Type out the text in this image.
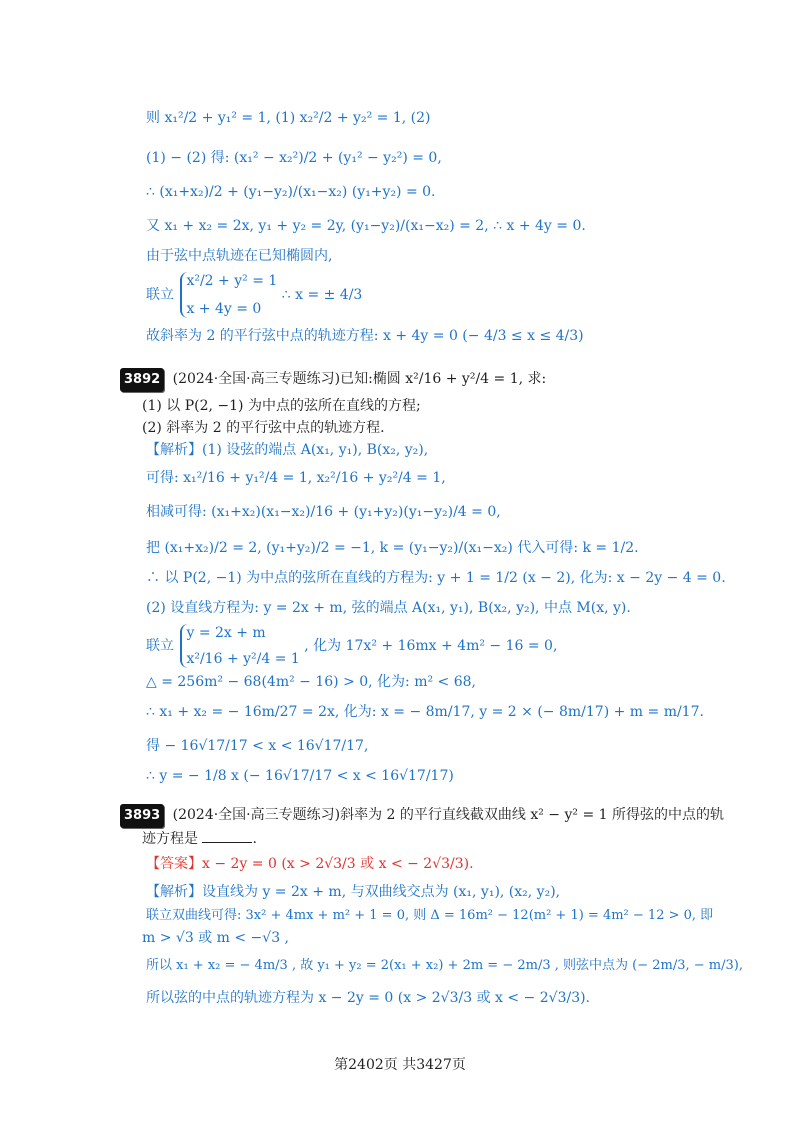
则 x₁²/2 + y₁² = 1, (1) x₂²/2 + y₂² = 1, (2)
(1) − (2) 得: (x₁² − x₂²)/2 + (y₁² − y₂²) = 0,
∴ (x₁+x₂)/2 + (y₁−y₂)/(x₁−x₂) (y₁+y₂) = 0.
又 x₁ + x₂ = 2x, y₁ + y₂ = 2y, (y₁−y₂)/(x₁−x₂) = 2, ∴ x + 4y = 0.
由于弦中点轨迹在已知椭圆内,
联立
x²/2 + y² = 1
x + 4y = 0
∴ x = ± 4/3
故斜率为 2 的平行弦中点的轨迹方程: x + 4y = 0 (− 4/3 ≤ x ≤ 4/3)
3892 (2024·全国·高三专题练习)已知:椭圆 x²/16 + y²/4 = 1, 求:
(1) 以 P(2, −1) 为中点的弦所在直线的方程;
(2) 斜率为 2 的平行弦中点的轨迹方程.
【解析】(1) 设弦的端点 A(x₁, y₁), B(x₂, y₂),
可得: x₁²/16 + y₁²/4 = 1, x₂²/16 + y₂²/4 = 1,
相减可得: (x₁+x₂)(x₁−x₂)/16 + (y₁+y₂)(y₁−y₂)/4 = 0,
把 (x₁+x₂)/2 = 2, (y₁+y₂)/2 = −1, k = (y₁−y₂)/(x₁−x₂) 代入可得: k = 1/2.
∴ 以 P(2, −1) 为中点的弦所在直线的方程为: y + 1 = 1/2 (x − 2), 化为: x − 2y − 4 = 0.
(2) 设直线方程为: y = 2x + m, 弦的端点 A(x₁, y₁), B(x₂, y₂), 中点 M(x, y).
联立
y = 2x + m
x²/16 + y²/4 = 1
, 化为 17x² + 16mx + 4m² − 16 = 0,
△ = 256m² − 68(4m² − 16) > 0, 化为: m² < 68,
∴ x₁ + x₂ = − 16m/27 = 2x, 化为: x = − 8m/17, y = 2 × (− 8m/17) + m = m/17.
得 − 16√17/17 < x < 16√17/17,
∴ y = − 1/8 x (− 16√17/17 < x < 16√17/17)
3893 (2024·全国·高三专题练习)斜率为 2 的平行直线截双曲线 x² − y² = 1 所得弦的中点的轨
迹方程是	.
【答案】x − 2y = 0 (x > 2√3/3 或 x < − 2√3/3).
【解析】设直线为 y = 2x + m, 与双曲线交点为 (x₁, y₁), (x₂, y₂),
联立双曲线可得: 3x² + 4mx + m² + 1 = 0, 则 Δ = 16m² − 12(m² + 1) = 4m² − 12 > 0, 即
m > √3 或 m < −√3 ,
所以 x₁ + x₂ = − 4m/3 , 故 y₁ + y₂ = 2(x₁ + x₂) + 2m = − 2m/3 , 则弦中点为 (− 2m/3, − m/3),
所以弦的中点的轨迹方程为 x − 2y = 0 (x > 2√3/3 或 x < − 2√3/3).
第2402页 共3427页
